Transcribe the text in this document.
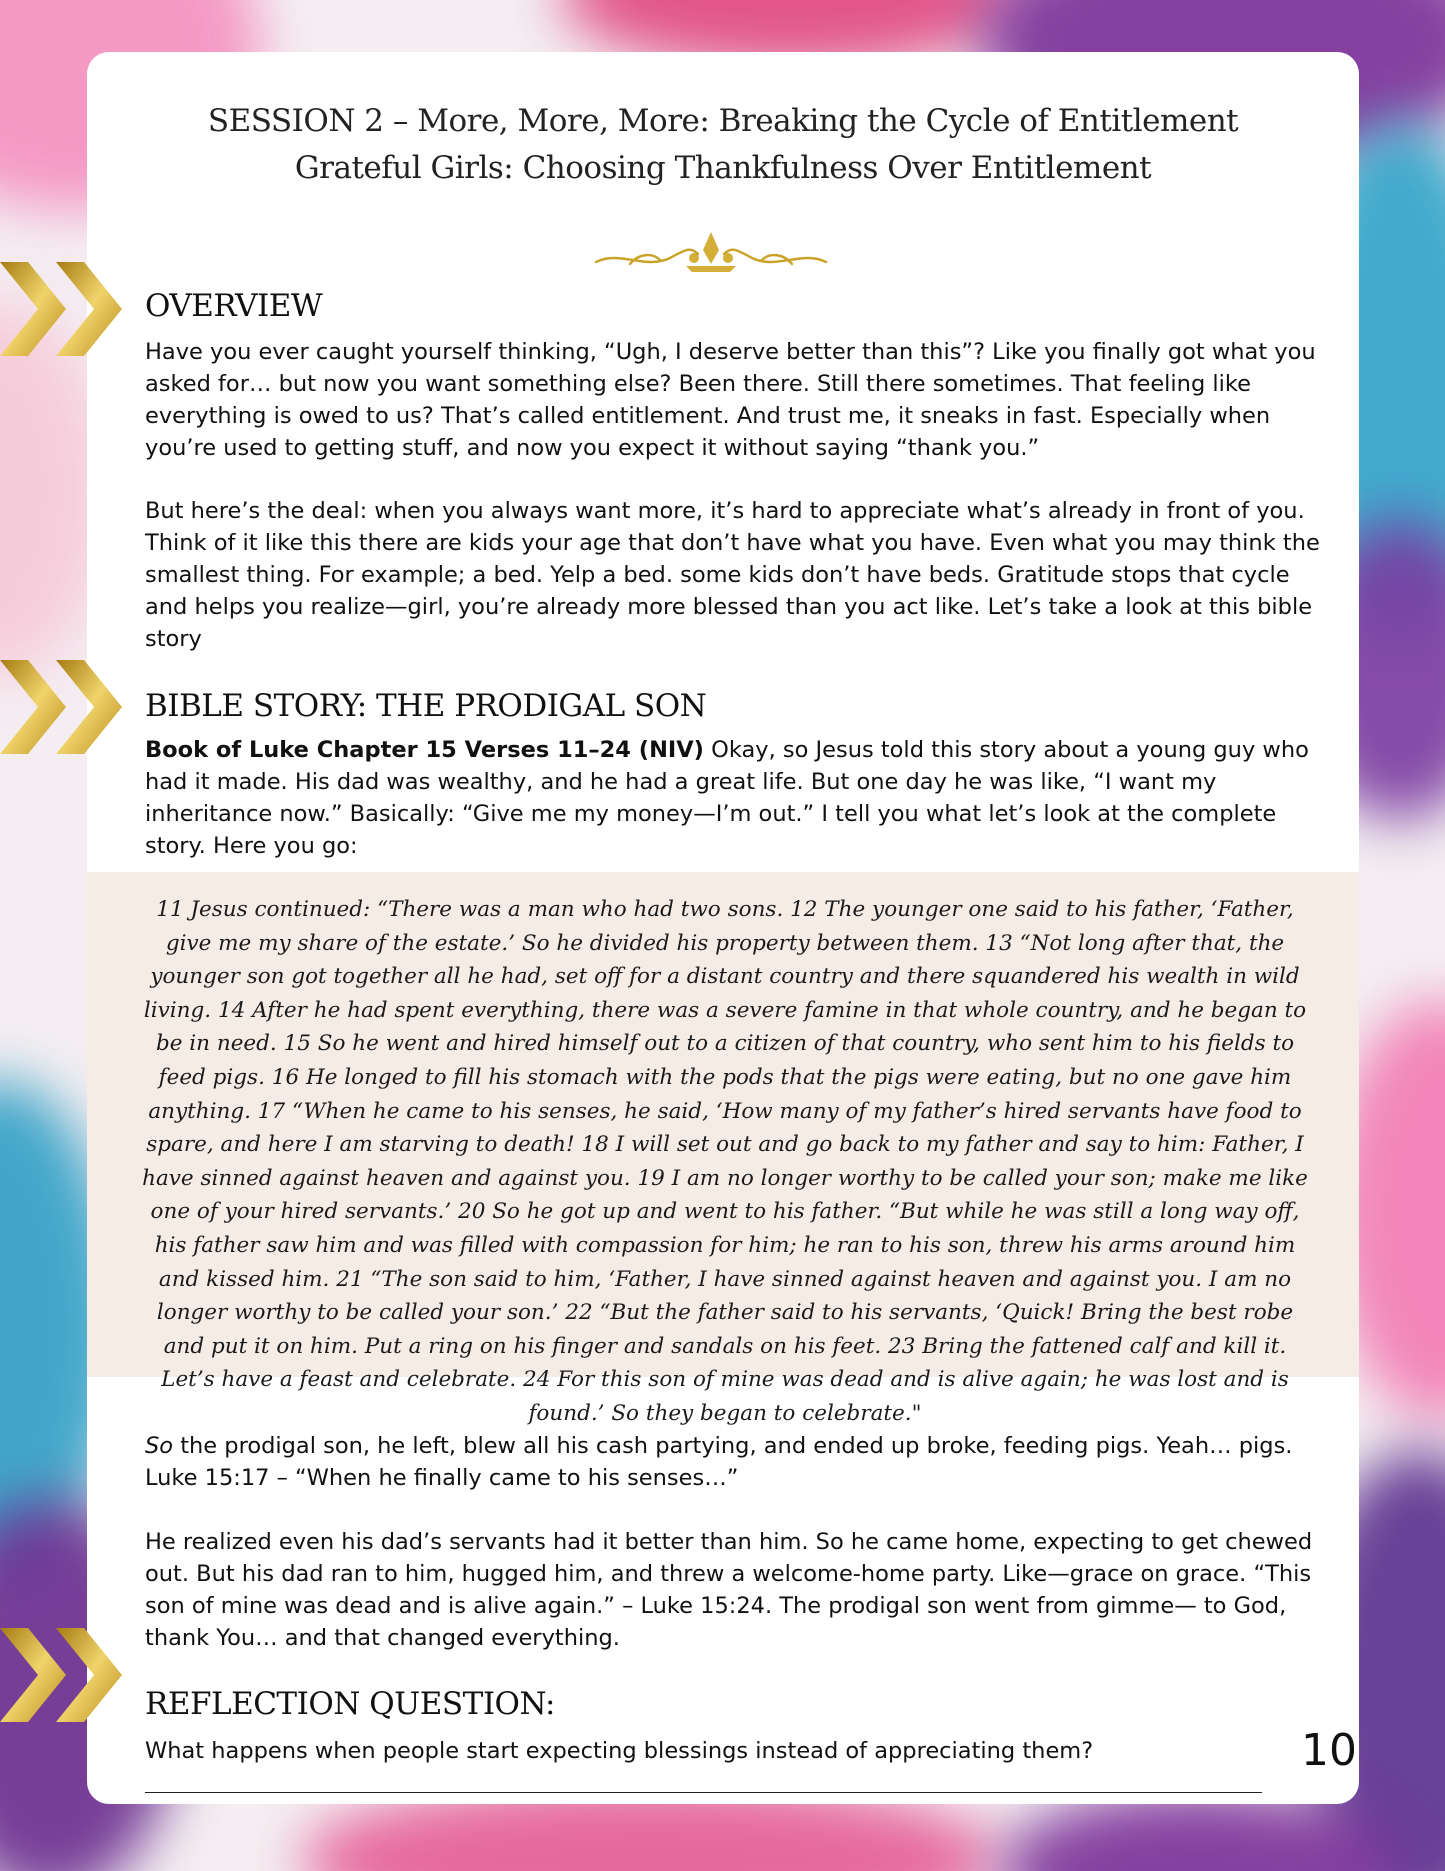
SESSION 2 – More, More, More: Breaking the Cycle of Entitlement
Grateful Girls: Choosing Thankfulness Over Entitlement
OVERVIEW

Have you ever caught yourself thinking, “Ugh, I deserve better than this”? Like you finally got what you asked for… but now you want something else? Been there. Still there sometimes. That feeling like everything is owed to us? That’s called entitlement. And trust me, it sneaks in fast. Especially when you’re used to getting stuff, and now you expect it without saying “thank you.”

But here’s the deal: when you always want more, it’s hard to appreciate what’s already in front of you. Think of it like this there are kids your age that don’t have what you have. Even what you may think the smallest thing. For example; a bed. Yelp a bed. some kids don’t have beds. Gratitude stops that cycle and helps you realize—girl, you’re already more blessed than you act like. Let’s take a look at this bible story

BIBLE STORY: THE PRODIGAL SON

Book of Luke Chapter 15 Verses 11–24 (NIV) Okay, so Jesus told this story about a young guy who had it made. His dad was wealthy, and he had a great life. But one day he was like, “I want my inheritance now.” Basically: “Give me my money—I’m out.” I tell you what let’s look at the complete story. Here you go:

11 Jesus continued: “There was a man who had two sons. 12 The younger one said to his father, ‘Father, give me my share of the estate.’ So he divided his property between them. 13 “Not long after that, the younger son got together all he had, set off for a distant country and there squandered his wealth in wild living. 14 After he had spent everything, there was a severe famine in that whole country, and he began to be in need. 15 So he went and hired himself out to a citizen of that country, who sent him to his fields to feed pigs. 16 He longed to fill his stomach with the pods that the pigs were eating, but no one gave him anything. 17 “When he came to his senses, he said, ‘How many of my father’s hired servants have food to spare, and here I am starving to death! 18 I will set out and go back to my father and say to him: Father, I have sinned against heaven and against you. 19 I am no longer worthy to be called your son; make me like one of your hired servants.’ 20 So he got up and went to his father. “But while he was still a long way off, his father saw him and was filled with compassion for him; he ran to his son, threw his arms around him and kissed him. 21 “The son said to him, ‘Father, I have sinned against heaven and against you. I am no longer worthy to be called your son.’ 22 “But the father said to his servants, ‘Quick! Bring the best robe and put it on him. Put a ring on his finger and sandals on his feet. 23 Bring the fattened calf and kill it. Let’s have a feast and celebrate. 24 For this son of mine was dead and is alive again; he was lost and is found.’ So they began to celebrate."

So the prodigal son, he left, blew all his cash partying, and ended up broke, feeding pigs. Yeah… pigs. Luke 15:17 – “When he finally came to his senses…”

He realized even his dad’s servants had it better than him. So he came home, expecting to get chewed out. But his dad ran to him, hugged him, and threw a welcome-home party. Like—grace on grace. “This son of mine was dead and is alive again.” – Luke 15:24. The prodigal son went from gimme— to God, thank You… and that changed everything.

REFLECTION QUESTION:

What happens when people start expecting blessings instead of appreciating them?	10
